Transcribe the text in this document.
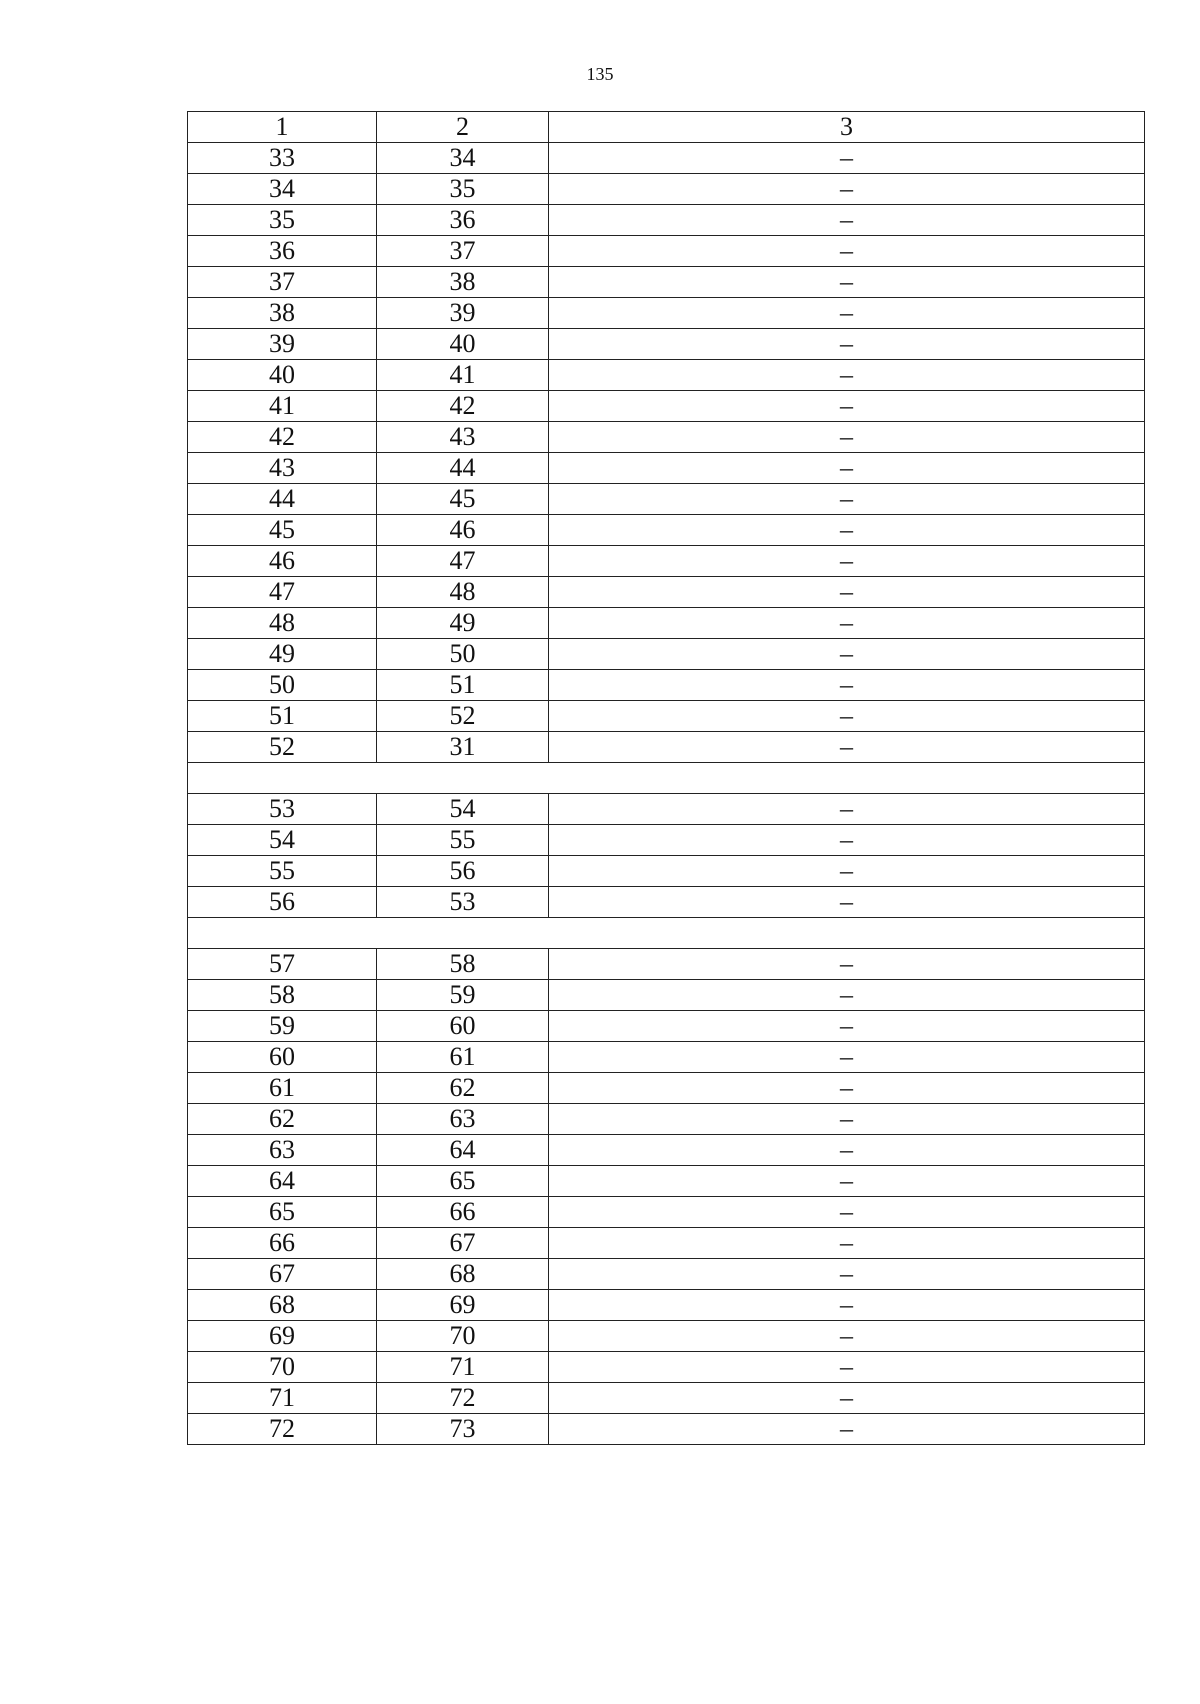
135
1	2	3
33	34	–
34	35	–
35	36	–
36	37	–
37	38	–
38	39	–
39	40	–
40	41	–
41	42	–
42	43	–
43	44	–
44	45	–
45	46	–
46	47	–
47	48	–
48	49	–
49	50	–
50	51	–
51	52	–
52	31	–

53	54	–
54	55	–
55	56	–
56	53	–

57	58	–
58	59	–
59	60	–
60	61	–
61	62	–
62	63	–
63	64	–
64	65	–
65	66	–
66	67	–
67	68	–
68	69	–
69	70	–
70	71	–
71	72	–
72	73	–
